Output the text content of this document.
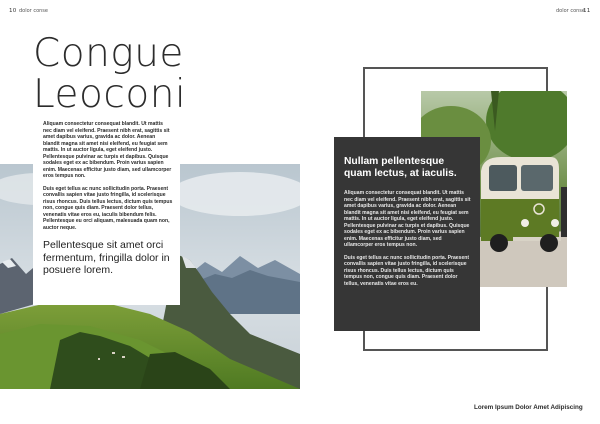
10 dolor conse	dolor conse
11
Congue
Leoconi

Aliquam consectetur consequat blandit. Ut mattis nec diam vel eleifend. Praesent nibh erat, sagittis sit amet dapibus varius, gravida ac dolor. Aenean blandit magna sit amet nisi eleifend, eu feugiat sem mattis. In ut auctor ligula, eget eleifend justo. Pellentesque pulvinar ac turpis et dapibus. Quisque sodales eget ex ac bibendum. Proin varius sapien enim. Maecenas efficitur justo diam, sed ullamcorper eros tempus non.

Duis eget tellus ac nunc sollicitudin porta. Praesent convallis sapien vitae justo fringilla, id scelerisque risus rhoncus. Duis tellus lectus, dictum quis tempus non, congue quis diam. Praesent dolor tellus, venenatis vitae eros eu, iaculis bibendum felis. Pellentesque eu orci aliquam, malesuada quam non, auctor neque.

Pellentesque sit amet orci fermentum, fringilla dolor in posuere lorem.

Nullam pellentesque quam lectus, at iaculis.

Aliquam consectetur consequat blandit. Ut mattis nec diam vel eleifend. Praesent nibh erat, sagittis sit amet dapibus varius, gravida ac dolor. Aenean blandit magna sit amet nisi eleifend, eu feugiat sem mattis. In ut auctor ligula, eget eleifend justo. Pellentesque pulvinar ac turpis et dapibus. Quisque sodales eget ex ac bibendum. Proin varius sapien enim. Maecenas efficitur justo diam, sed ullamcorper eros tempus non.

Duis eget tellus ac nunc sollicitudin porta. Praesent convallis sapien vitae justo fringilla, id scelerisque risus rhoncus. Duis tellus lectus, dictum quis tempus non, congue quis diam. Praesent dolor tellus, venenatis vitae eros eu.

Lorem Ipsum Dolor Amet Adipiscing
